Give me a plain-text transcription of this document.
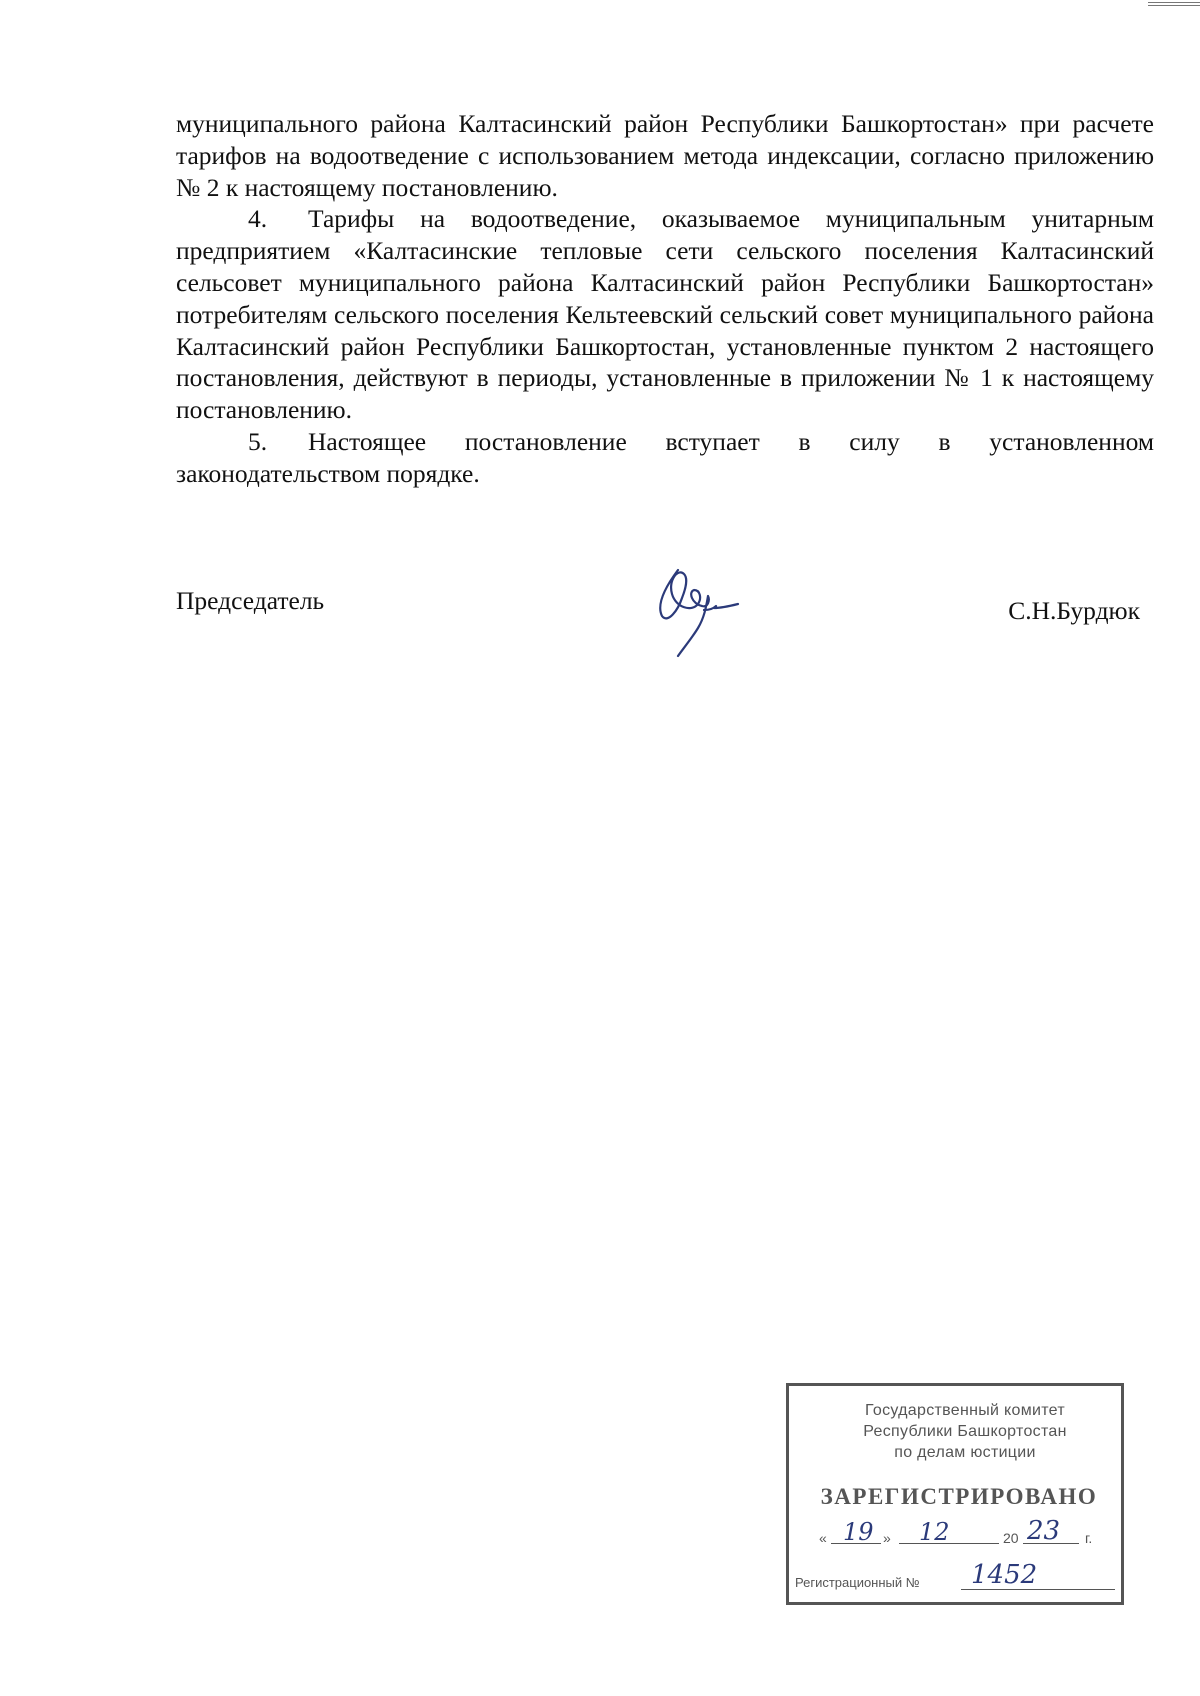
муниципального района Калтасинский район Республики Башкортостан» при расчете тарифов на водоотведение с использованием метода индексации, согласно приложению № 2 к настоящему постановлению.

4. Тарифы на водоотведение, оказываемое муниципальным унитарным предприятием «Калтасинские тепловые сети сельского поселения Калтасинский сельсовет муниципального района Калтасинский район Республики Башкортостан» потребителям сельского поселения Кельтеевский сельский совет муниципального района Калтасинский район Республики Башкортостан, установленные пунктом 2 настоящего постановления, действуют в периоды, установленные в приложении № 1 к настоящему постановлению.

5. Настоящее постановление вступает в силу в установленном законодательством порядке.

Председатель	С.Н.Бурдюк
Государственный комитет
Республики Башкортостан
по делам юстиции
ЗАРЕГИСТРИРОВАНО
« 19 » 12	20 23 г.
Регистрационный № 1452
